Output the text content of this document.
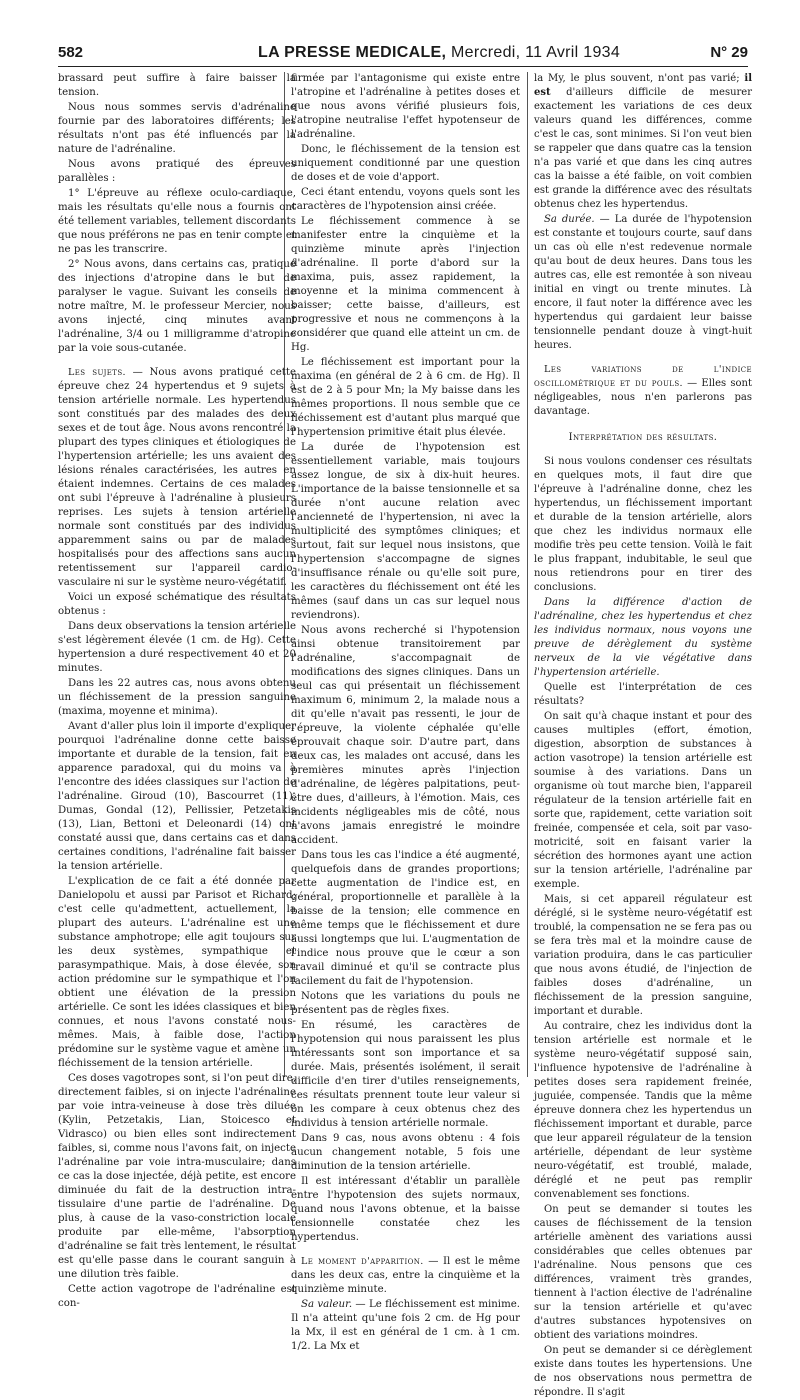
582	LA PRESSE MEDICALE, Mercredi, 11 Avril 1934	N° 29

brassard peut suffire à faire baisser la tension.

Nous nous sommes servis d'adrénaline fournie par des laboratoires différents; les résultats n'ont pas été influencés par la nature de l'adrénaline.

Nous avons pratiqué des épreuves parallèles :

1° L'épreuve au réflexe oculo-cardiaque, mais les résultats qu'elle nous a fournis ont été tellement variables, tellement discordants que nous préférons ne pas en tenir compte et ne pas les transcrire.

2° Nous avons, dans certains cas, pratiqué des injections d'atropine dans le but de paralyser le vague. Suivant les conseils de notre maître, M. le professeur Mercier, nous avons injecté, cinq minutes avant l'adrénaline, 3/4 ou 1 milligramme d'atropine par la voie sous-cutanée.

Les sujets. — Nous avons pratiqué cette épreuve chez 24 hypertendus et 9 sujets à tension artérielle normale. Les hypertendus sont constitués par des malades des deux sexes et de tout âge. Nous avons rencontré la plupart des types cliniques et étiologiques de l'hypertension artérielle; les uns avaient des lésions rénales caractérisées, les autres en étaient indemnes. Certains de ces malades ont subi l'épreuve à l'adrénaline à plusieurs reprises. Les sujets à tension artérielle normale sont constitués par des individus apparemment sains ou par de malades hospitalisés pour des affections sans aucun retentissement sur l'appareil cardio-vasculaire ni sur le système neuro-végétatif.

Voici un exposé schématique des résultats obtenus :

Dans deux observations la tension artérielle s'est légèrement élevée (1 cm. de Hg). Cette hypertension a duré respectivement 40 et 20 minutes.

Dans les 22 autres cas, nous avons obtenu un fléchissement de la pression sanguine (maxima, moyenne et minima).

Avant d'aller plus loin il importe d'expliquer pourquoi l'adrénaline donne cette baisse importante et durable de la tension, fait en apparence paradoxal, qui du moins va à l'encontre des idées classiques sur l'action de l'adrénaline. Giroud (10), Bascourret (11), Dumas, Gondal (12), Pellissier, Petzetakis (13), Lian, Bettoni et Deleonardi (14) ont constaté aussi que, dans certains cas et dans certaines conditions, l'adrénaline fait baisser la tension artérielle.

L'explication de ce fait a été donnée par Danielopolu et aussi par Parisot et Richard; c'est celle qu'admettent, actuellement, la plupart des auteurs. L'adrénaline est une substance amphotrope; elle agit toujours sur les deux systèmes, sympathique et parasympathique. Mais, à dose élevée, son action prédomine sur le sympathique et l'on obtient une élévation de la pression artérielle. Ce sont les idées classiques et bien connues, et nous l'avons constaté nous-mêmes. Mais, à faible dose, l'action prédomine sur le système vague et amène un fléchissement de la tension artérielle.

Ces doses vagotropes sont, si l'on peut dire, directement faibles, si on injecte l'adrénaline par voie intra-veineuse à dose très diluée (Kylin, Petzetakis, Lian, Stoicesco et Vidrasco) ou bien elles sont indirectement faibles, si, comme nous l'avons fait, on injecte l'adrénaline par voie intra-musculaire; dans ce cas la dose injectée, déjà petite, est encore diminuée du fait de la destruction intra-tissulaire d'une partie de l'adrénaline. De plus, à cause de la vaso-constriction locale produite par elle-même, l'absorption d'adrénaline se fait très lentement, le résultat est qu'elle passe dans le courant sanguin à une dilution très faible.

Cette action vagotrope de l'adrénaline est con-

firmée par l'antagonisme qui existe entre l'atropine et l'adrénaline à petites doses et que nous avons vérifié plusieurs fois, l'atropine neutralise l'effet hypotenseur de l'adrénaline.

Donc, le fléchissement de la tension est uniquement conditionné par une question de doses et de voie d'apport.

Ceci étant entendu, voyons quels sont les caractères de l'hypotension ainsi créée.

Le fléchissement commence à se manifester entre la cinquième et la quinzième minute après l'injection d'adrénaline. Il porte d'abord sur la maxima, puis, assez rapidement, la moyenne et la minima commencent à baisser; cette baisse, d'ailleurs, est progressive et nous ne commençons à la considérer que quand elle atteint un cm. de Hg.

Le fléchissement est important pour la maxima (en général de 2 à 6 cm. de Hg). Il est de 2 à 5 pour Mn; la My baisse dans les mêmes proportions. Il nous semble que ce fléchissement est d'autant plus marqué que l'hypertension primitive était plus élevée.

La durée de l'hypotension est essentiellement variable, mais toujours assez longue, de six à dix-huit heures. L'importance de la baisse tensionnelle et sa durée n'ont aucune relation avec l'ancienneté de l'hypertension, ni avec la multiplicité des symptômes cliniques; et surtout, fait sur lequel nous insistons, que l'hypertension s'accompagne de signes d'insuffisance rénale ou qu'elle soit pure, les caractères du fléchissement ont été les mêmes (sauf dans un cas sur lequel nous reviendrons).

Nous avons recherché si l'hypotension ainsi obtenue transitoirement par l'adrénaline, s'accompagnait de modifications des signes cliniques. Dans un seul cas qui présentait un fléchissement maximum 6, minimum 2, la malade nous a dit qu'elle n'avait pas ressenti, le jour de l'épreuve, la violente céphalée qu'elle éprouvait chaque soir. D'autre part, dans deux cas, les malades ont accusé, dans les premières minutes après l'injection d'adrénaline, de légères palpitations, peut-être dues, d'ailleurs, à l'émotion. Mais, ces incidents négligeables mis de côté, nous n'avons jamais enregistré le moindre accident.

Dans tous les cas l'indice a été augmenté, quelquefois dans de grandes proportions; cette augmentation de l'indice est, en général, proportionnelle et parallèle à la baisse de la tension; elle commence en même temps que le fléchissement et dure aussi longtemps que lui. L'augmentation de l'indice nous prouve que le cœur a son travail diminué et qu'il se contracte plus facilement du fait de l'hypotension.

Notons que les variations du pouls ne présentent pas de règles fixes.

En résumé, les caractères de l'hypotension qui nous paraissent les plus intéressants sont son importance et sa durée. Mais, présentés isolément, il serait difficile d'en tirer d'utiles renseignements, ces résultats prennent toute leur valeur si on les compare à ceux obtenus chez des individus à tension artérielle normale.

Dans 9 cas, nous avons obtenu : 4 fois aucun changement notable, 5 fois une diminution de la tension artérielle.

Il est intéressant d'établir un parallèle entre l'hypotension des sujets normaux, quand nous l'avons obtenue, et la baisse tensionnelle constatée chez les hypertendus.

Le moment d'apparition. — Il est le même dans les deux cas, entre la cinquième et la quinzième minute.

Sa valeur. — Le fléchissement est minime. Il n'a atteint qu'une fois 2 cm. de Hg pour la Mx, il est en général de 1 cm. à 1 cm. 1/2. La Mx et

la My, le plus souvent, n'ont pas varié; il est d'ailleurs difficile de mesurer exactement les variations de ces deux valeurs quand les différences, comme c'est le cas, sont minimes. Si l'on veut bien se rappeler que dans quatre cas la tension n'a pas varié et que dans les cinq autres cas la baisse a été faible, on voit combien est grande la différence avec des résultats obtenus chez les hypertendus.

Sa durée. — La durée de l'hypotension est constante et toujours courte, sauf dans un cas où elle n'est redevenue normale qu'au bout de deux heures. Dans tous les autres cas, elle est remontée à son niveau initial en vingt ou trente minutes. Là encore, il faut noter la différence avec les hypertendus qui gardaient leur baisse tensionnelle pendant douze à vingt-huit heures.

Les variations de l'indice oscillométrique et du pouls. — Elles sont négligeables, nous n'en parlerons pas davantage.

Interprétation des résultats.

Si nous voulons condenser ces résultats en quelques mots, il faut dire que l'épreuve à l'adrénaline donne, chez les hypertendus, un fléchissement important et durable de la tension artérielle, alors que chez les individus normaux elle modifie très peu cette tension. Voilà le fait le plus frappant, indubitable, le seul que nous retiendrons pour en tirer des conclusions.

Dans la différence d'action de l'adrénaline, chez les hypertendus et chez les individus normaux, nous voyons une preuve de dérèglement du système nerveux de la vie végétative dans l'hypertension artérielle.

Quelle est l'interprétation de ces résultats?

On sait qu'à chaque instant et pour des causes multiples (effort, émotion, digestion, absorption de substances à action vasotrope) la tension artérielle est soumise à des variations. Dans un organisme où tout marche bien, l'appareil régulateur de la tension artérielle fait en sorte que, rapidement, cette variation soit freinée, compensée et cela, soit par vaso-motricité, soit en faisant varier la sécrétion des hormones ayant une action sur la tension artérielle, l'adrénaline par exemple.

Mais, si cet appareil régulateur est déréglé, si le système neuro-végétatif est troublé, la compensation ne se fera pas ou se fera très mal et la moindre cause de variation produira, dans le cas particulier que nous avons étudié, de l'injection de faibles doses d'adrénaline, un fléchissement de la pression sanguine, important et durable.

Au contraire, chez les individus dont la tension artérielle est normale et le système neuro-végétatif supposé sain, l'influence hypotensive de l'adrénaline à petites doses sera rapidement freinée, juguiée, compensée. Tandis que la même épreuve donnera chez les hypertendus un fléchissement important et durable, parce que leur appareil régulateur de la tension artérielle, dépendant de leur système neuro-végétatif, est troublé, malade, déréglé et ne peut pas remplir convenablement ses fonctions.

On peut se demander si toutes les causes de fléchissement de la tension artérielle amènent des variations aussi considérables que celles obtenues par l'adrénaline. Nous pensons que ces différences, vraiment très grandes, tiennent à l'action élective de l'adrénaline sur la tension artérielle et qu'avec d'autres substances hypotensives on obtient des variations moindres.

On peut se demander si ce dérèglement existe dans toutes les hypertensions. Une de nos observations nous permettra de répondre. Il s'agit
